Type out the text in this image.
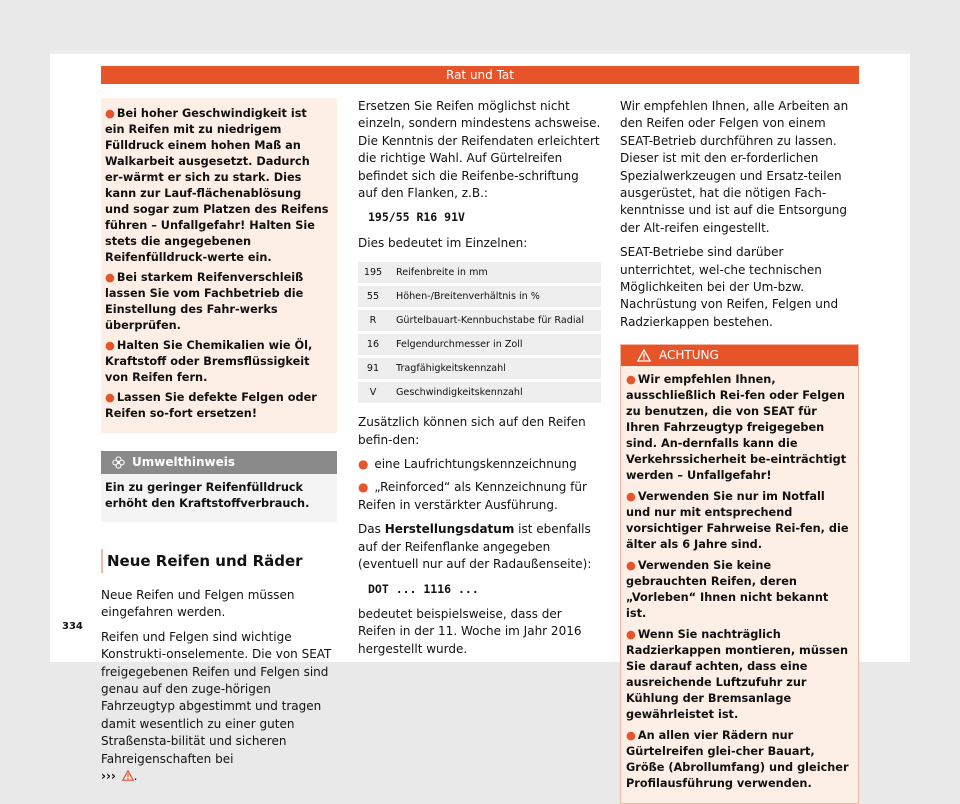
Rat und Tat
● Bei hoher Geschwindigkeit ist ein Reifen mit zu niedrigem Fülldruck einem hohen Maß an Walkarbeit ausgesetzt. Dadurch er-wärmt er sich zu stark. Dies kann zur Lauf-flächenablösung und sogar zum Platzen des Reifens führen – Unfallgefahr! Halten Sie stets die angegebenen Reifenfülldruck-werte ein.
● Bei starkem Reifenverschleiß lassen Sie vom Fachbetrieb die Einstellung des Fahr-werks überprüfen.
● Halten Sie Chemikalien wie Öl, Kraftstoff oder Bremsflüssigkeit von Reifen fern.
● Lassen Sie defekte Felgen oder Reifen so-fort ersetzen!
Umwelthinweis
Ein zu geringer Reifenfülldruck erhöht den Kraftstoffverbrauch.
Neue Reifen und Räder

Neue Reifen und Felgen müssen eingefahren werden.

Reifen und Felgen sind wichtige Konstrukti-onselemente. Die von SEAT freigegebenen Reifen und Felgen sind genau auf den zuge-hörigen Fahrzeugtyp abgestimmt und tragen damit wesentlich zu einer guten Straßensta-bilität und sicheren Fahreigenschaften bei
››› .

Ersetzen Sie Reifen möglichst nicht einzeln, sondern mindestens achsweise. Die Kenntnis der Reifendaten erleichtert die richtige Wahl. Auf Gürtelreifen befindet sich die Reifenbe-schriftung auf den Flanken, z.B.:

195/55 R16 91V

Dies bedeutet im Einzelnen:

195	Reifenbreite in mm
55	Höhen-/Breitenverhältnis in %
R	Gürtelbauart-Kennbuchstabe für Radial
16	Felgendurchmesser in Zoll
91	Tragfähigkeitskennzahl
V	Geschwindigkeitskennzahl

Zusätzlich können sich auf den Reifen befin-den:

● eine Laufrichtungskennzeichnung
● „Reinforced“ als Kennzeichnung für Reifen in verstärkter Ausführung.

Das Herstellungsdatum ist ebenfalls auf der Reifenflanke angegeben (eventuell nur auf der Radaußenseite):

DOT ... 1116 ...

bedeutet beispielsweise, dass der Reifen in der 11. Woche im Jahr 2016 hergestellt wurde.

Wir empfehlen Ihnen, alle Arbeiten an den Reifen oder Felgen von einem SEAT-Betrieb durchführen zu lassen. Dieser ist mit den er-forderlichen Spezialwerkzeugen und Ersatz-teilen ausgerüstet, hat die nötigen Fach-kenntnisse und ist auf die Entsorgung der Alt-reifen eingestellt.

SEAT-Betriebe sind darüber unterrichtet, wel-che technischen Möglichkeiten bei der Um-bzw. Nachrüstung von Reifen, Felgen und Radzierkappen bestehen.

ACHTUNG
● Wir empfehlen Ihnen, ausschließlich Rei-fen oder Felgen zu benutzen, die von SEAT für Ihren Fahrzeugtyp freigegeben sind. An-dernfalls kann die Verkehrssicherheit be-einträchtigt werden – Unfallgefahr!
● Verwenden Sie nur im Notfall und nur mit entsprechend vorsichtiger Fahrweise Rei-fen, die älter als 6 Jahre sind.
● Verwenden Sie keine gebrauchten Reifen, deren „Vorleben“ Ihnen nicht bekannt ist.
● Wenn Sie nachträglich Radzierkappen montieren, müssen Sie darauf achten, dass eine ausreichende Luftzufuhr zur Kühlung der Bremsanlage gewährleistet ist.
● An allen vier Rädern nur Gürtelreifen glei-cher Bauart, Größe (Abrollumfang) und gleicher Profilausführung verwenden.
334
